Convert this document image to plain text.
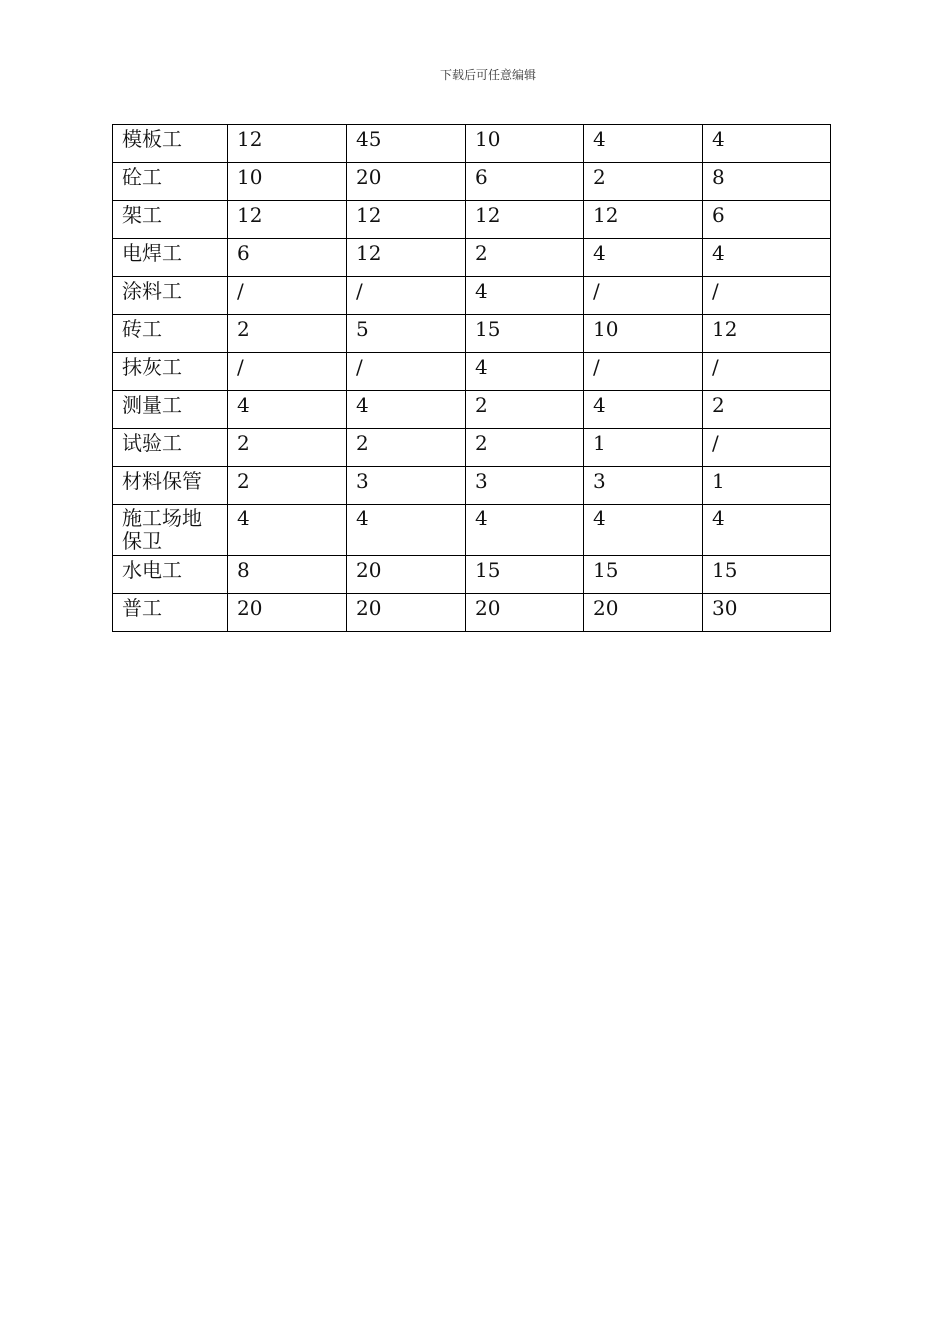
下载后可任意编辑
模板工	12	45	10	4	4
砼工	10	20	6	2	8
架工	12	12	12	12	6
电焊工	6	12	2	4	4
涂料工	/	/	4	/	/
砖工	2	5	15	10	12
抹灰工	/	/	4	/	/
测量工	4	4	2	4	2
试验工	2	2	2	1	/
材料保管	2	3	3	3	1
施工场地保卫	4	4	4	4	4
水电工	8	20	15	15	15
普工	20	20	20	20	30
